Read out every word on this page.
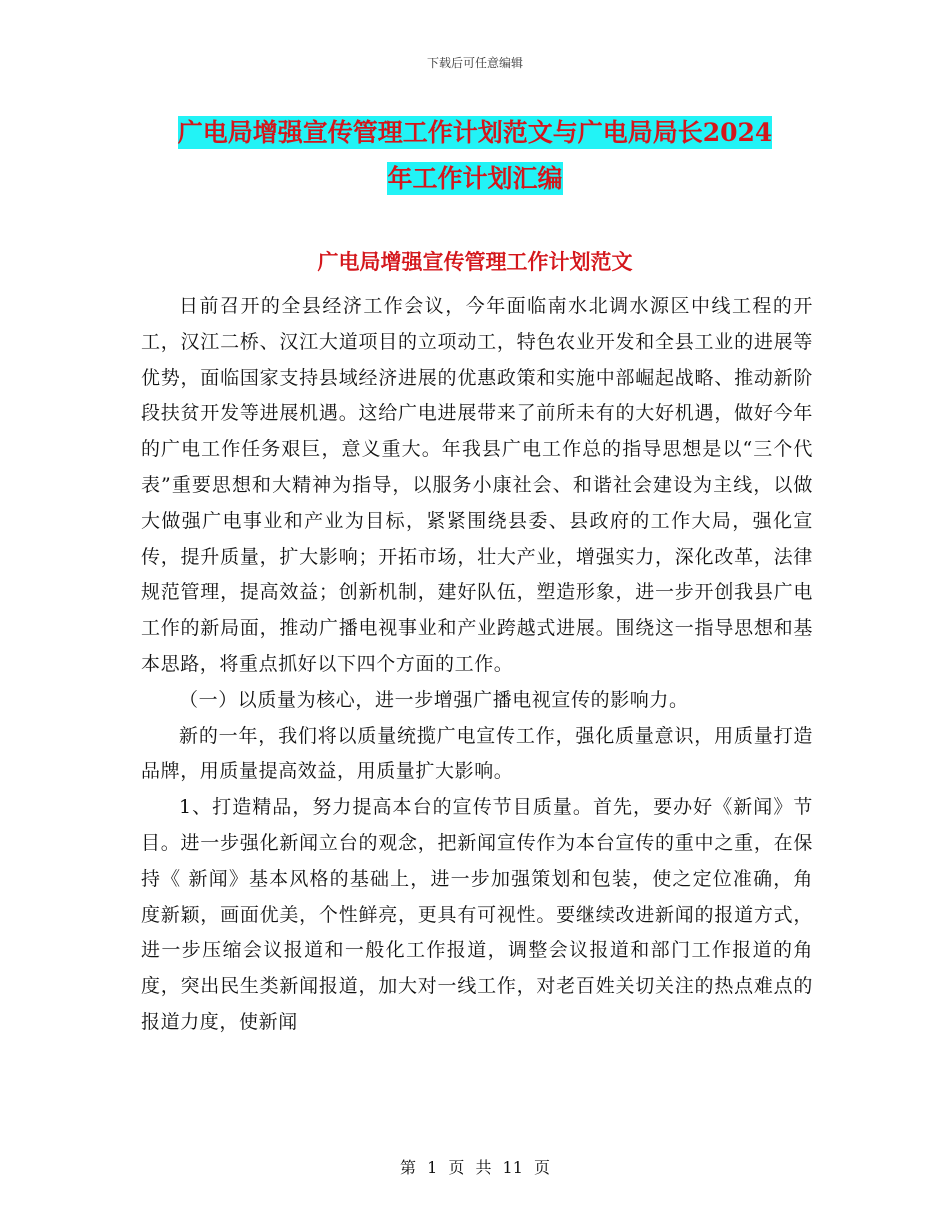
下载后可任意编辑
广电局增强宣传管理工作计划范文与广电局局长2024
年工作计划汇编
广电局增强宣传管理工作计划范文

日前召开的全县经济工作会议，今年面临南水北调水源区中线工程的开工，汉江二桥、汉江大道项目的立项动工，特色农业开发和全县工业的进展等优势，面临国家支持县域经济进展的优惠政策和实施中部崛起战略、推动新阶段扶贫开发等进展机遇。这给广电进展带来了前所未有的大好机遇，做好今年的广电工作任务艰巨，意义重大。年我县广电工作总的指导思想是以“三个代表”重要思想和大精神为指导，以服务小康社会、和谐社会建设为主线，以做大做强广电事业和产业为目标，紧紧围绕县委、县政府的工作大局，强化宣传，提升质量，扩大影响；开拓市场，壮大产业，增强实力，深化改革，法律规范管理，提高效益；创新机制，建好队伍，塑造形象，进一步开创我县广电工作的新局面，推动广播电视事业和产业跨越式进展。围绕这一指导思想和基本思路，将重点抓好以下四个方面的工作。

（一）以质量为核心，进一步增强广播电视宣传的影响力。

新的一年，我们将以质量统揽广电宣传工作，强化质量意识，用质量打造品牌，用质量提高效益，用质量扩大影响。

1、打造精品，努力提高本台的宣传节目质量。首先，要办好《新闻》节目。进一步强化新闻立台的观念，把新闻宣传作为本台宣传的重中之重，在保持《 新闻》基本风格的基础上，进一步加强策划和包装，使之定位准确，角度新颖，画面优美，个性鲜亮，更具有可视性。要继续改进新闻的报道方式，进一步压缩会议报道和一般化工作报道，调整会议报道和部门工作报道的角度，突出民生类新闻报道，加大对一线工作，对老百姓关切关注的热点难点的报道力度，使新闻

第 1 页 共 11 页
